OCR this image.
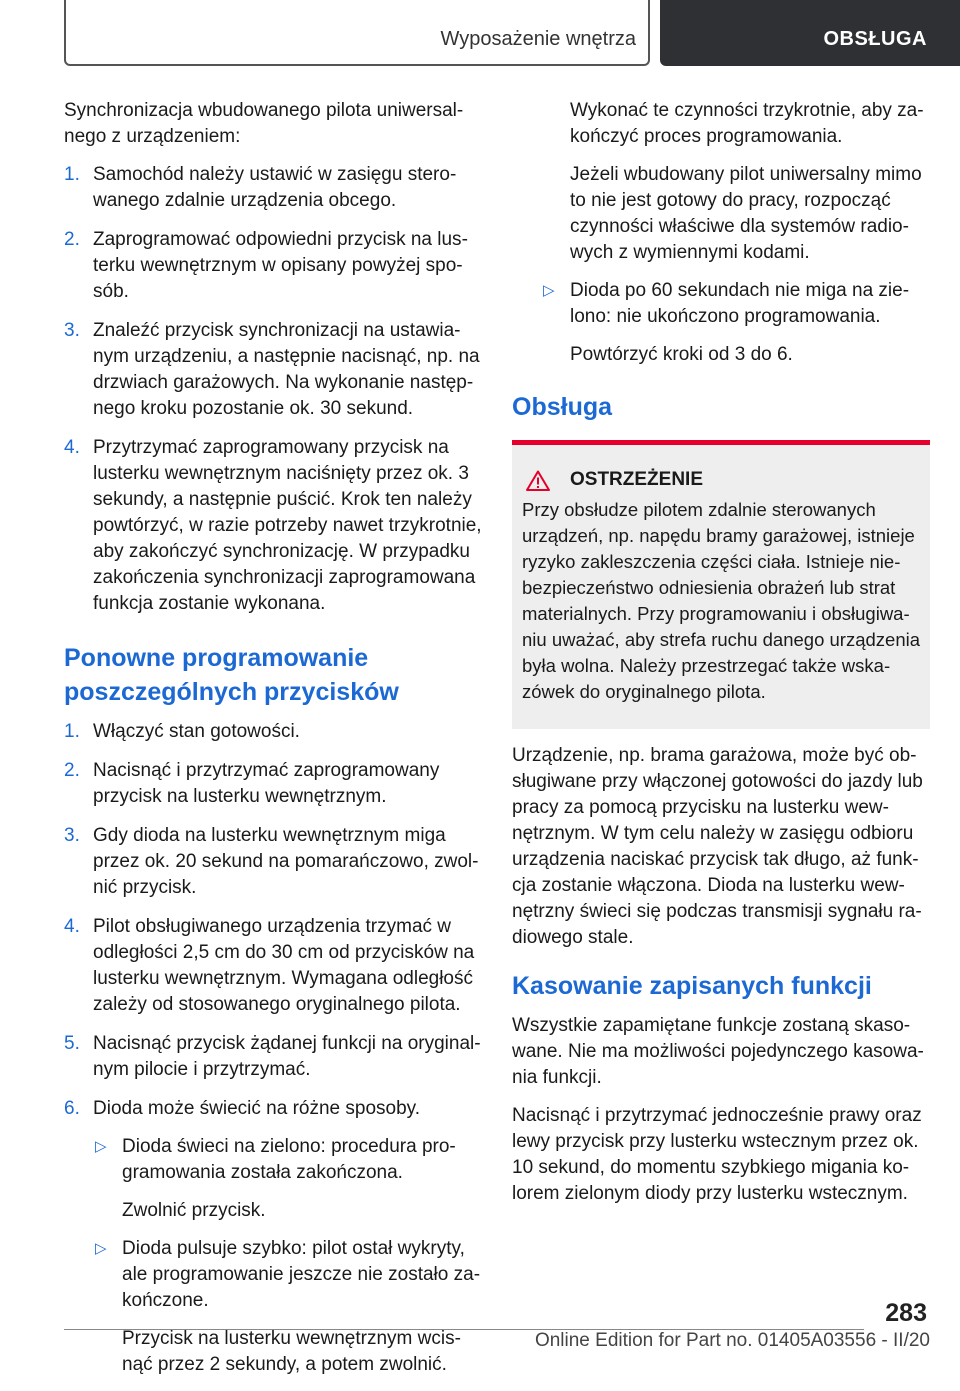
Wyposażenie wnętrza	OBSŁUGA

Synchronizacja wbudowanego pilota uniwersalnego z urządzeniem:

1. Samochód należy ustawić w zasięgu sterowanego zdalnie urządzenia obcego.
2. Zaprogramować odpowiedni przycisk na lusterku wewnętrznym w opisany powyżej sposób.
3. Znaleźć przycisk synchronizacji na ustawianym urządzeniu, a następnie nacisnąć, np. na drzwiach garażowych. Na wykonanie następnego kroku pozostanie ok. 30 sekund.
4. Przytrzymać zaprogramowany przycisk na lusterku wewnętrznym naciśnięty przez ok. 3 sekundy, a następnie puścić. Krok ten należy powtórzyć, w razie potrzeby nawet trzykrotnie, aby zakończyć synchronizację. W przypadku zakończenia synchronizacji zaprogramowana funkcja zostanie wykonana.
Ponowne programowanie poszczególnych przycisków
1. Włączyć stan gotowości.
2. Nacisnąć i przytrzymać zaprogramowany przycisk na lusterku wewnętrznym.
3. Gdy dioda na lusterku wewnętrznym miga przez ok. 20 sekund na pomarańczowo, zwolnić przycisk.
4. Pilot obsługiwanego urządzenia trzymać w odległości 2,5 cm do 30 cm od przycisków na lusterku wewnętrznym. Wymagana odległość zależy od stosowanego oryginalnego pilota.
5. Nacisnąć przycisk żądanej funkcji na oryginalnym pilocie i przytrzymać.
6. Dioda może świecić na różne sposoby.
▷ Dioda świeci na zielono: procedura programowania została zakończona.
Zwolnić przycisk.
▷ Dioda pulsuje szybko: pilot ostał wykryty, ale programowanie jeszcze nie zostało zakończone.
Przycisk na lusterku wewnętrznym wcisnąć przez 2 sekundy, a potem zwolnić.

Wykonać te czynności trzykrotnie, aby zakończyć proces programowania.

Jeżeli wbudowany pilot uniwersalny mimo to nie jest gotowy do pracy, rozpocząć czynności właściwe dla systemów radiowych z wymiennymi kodami.

▷ Dioda po 60 sekundach nie miga na zielono: nie ukończono programowania.
Powtórzyć kroki od 3 do 6.
Obsługa
OSTRZEŻENIE
Przy obsłudze pilotem zdalnie sterowanych urządzeń, np. napędu bramy garażowej, istnieje ryzyko zakleszczenia części ciała. Istnieje niebezpieczeństwo odniesienia obrażeń lub strat materialnych. Przy programowaniu i obsługiwaniu uważać, aby strefa ruchu danego urządzenia była wolna. Należy przestrzegać także wskazówek do oryginalnego pilota.

Urządzenie, np. brama garażowa, może być obsługiwane przy włączonej gotowości do jazdy lub pracy za pomocą przycisku na lusterku wewnętrznym. W tym celu należy w zasięgu odbioru urządzenia naciskać przycisk tak długo, aż funkcja zostanie włączona. Dioda na lusterku wewnętrzny świeci się podczas transmisji sygnału radiowego stale.

Kasowanie zapisanych funkcji

Wszystkie zapamiętane funkcje zostaną skasowane. Nie ma możliwości pojedynczego kasowania funkcji.

Nacisnąć i przytrzymać jednocześnie prawy oraz lewy przycisk przy lusterku wstecznym przez ok. 10 sekund, do momentu szybkiego migania kolorem zielonym diody przy lusterku wstecznym.

283
Online Edition for Part no. 01405A03556 - II/20
